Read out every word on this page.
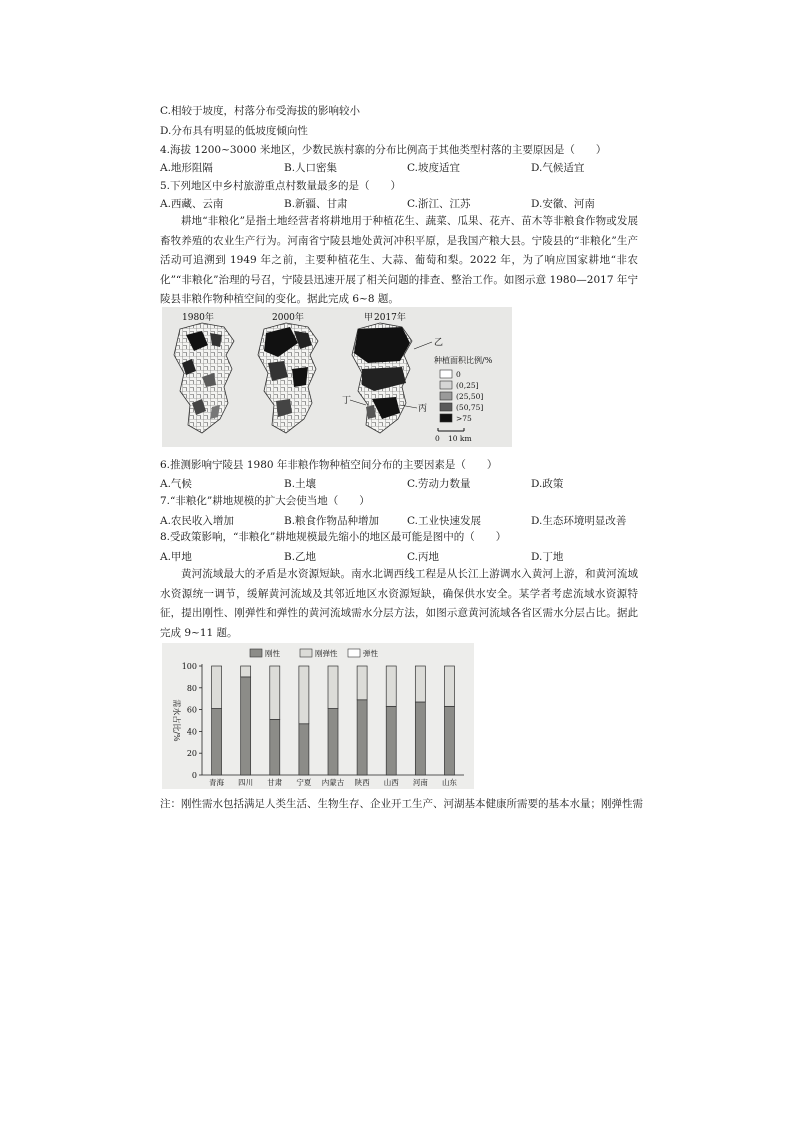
C.相较于坡度，村落分布受海拔的影响较小
D.分布具有明显的低坡度倾向性
4.海拔 1200~3000 米地区，少数民族村寨的分布比例高于其他类型村落的主要原因是（　　）
A.地形阻隔	B.人口密集	C.坡度适宜	D.气候适宜
5.下列地区中乡村旅游重点村数量最多的是（　　）
A.西藏、云南	B.新疆、甘肃	C.浙江、江苏	D.安徽、河南
耕地“非粮化”是指土地经营者将耕地用于种植花生、蔬菜、瓜果、花卉、苗木等非粮食作物或发展畜牧养殖的农业生产行为。河南省宁陵县地处黄河冲积平原，是我国产粮大县。宁陵县的“非粮化”生产活动可追溯到 1949 年之前，主要种植花生、大蒜、葡萄和梨。2022 年，为了响应国家耕地“非农化”“非粮化”治理的号召，宁陵县迅速开展了相关问题的排查、整治工作。如图示意 1980—2017 年宁陵县非粮作物种植空间的变化。据此完成 6~8 题。
1980年	2000年	2017年
甲
乙
丙
丁
种植面积比例/%
0
(0,25]
(25,50]
(50,75]
>75
0 10 km
6.推测影响宁陵县 1980 年非粮作物种植空间分布的主要因素是（　　）
A.气候	B.土壤	C.劳动力数量	D.政策
7.“非粮化”耕地规模的扩大会使当地（　　）
A.农民收入增加	B.粮食作物品种增加	C.工业快速发展	D.生态环境明显改善
8.受政策影响，“非粮化”耕地规模最先缩小的地区最可能是图中的（　　）
A.甲地	B.乙地	C.丙地	D.丁地
黄河流域最大的矛盾是水资源短缺。南水北调西线工程是从长江上游调水入黄河上游，和黄河流域水资源统一调节，缓解黄河流域及其邻近地区水资源短缺，确保供水安全。某学者考虑流域水资源特征，提出刚性、刚弹性和弹性的黄河流域需水分层方法，如图示意黄河流域各省区需水分层占比。据此完成 9~11 题。
0
20
40
60
80
100
需水占比/%
青海 四川 甘肃 宁夏 内蒙古 陕西 山西 河南 山东
刚性	刚弹性	弹性
注：刚性需水包括满足人类生活、生物生存、企业开工生产、河湖基本健康所需要的基本水量；刚弹性需
